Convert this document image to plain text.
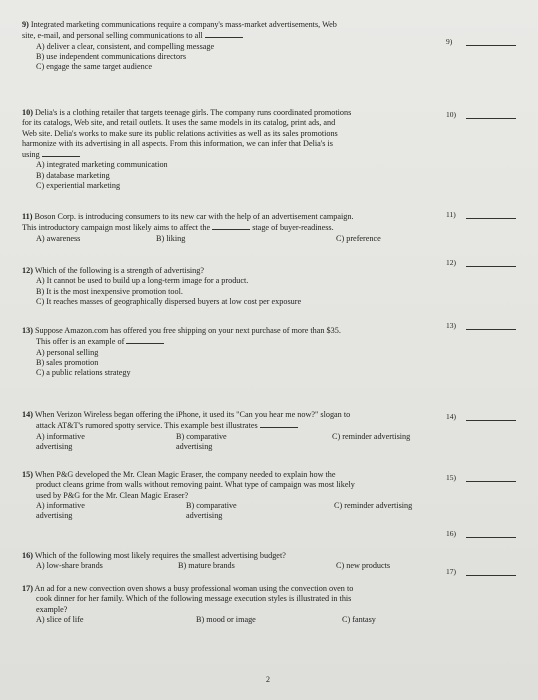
9) Integrated marketing communications require a company's mass-market advertisements, Web
site, e-mail, and personal selling communications to all

A) deliver a clear, consistent, and compelling message

B) use independent communications directors

C) engage the same target audience

9)

10) Delia's is a clothing retailer that targets teenage girls. The company runs coordinated promotions
for its catalogs, Web site, and retail outlets. It uses the same models in its catalog, print ads, and
Web site. Delia's works to make sure its public relations activities as well as its sales promotions
harmonize with its advertising in all aspects. From this information, we can infer that Delia's is
using

A) integrated marketing communication

B) database marketing

C) experiential marketing

10)

11) Boson Corp. is introducing consumers to its new car with the help of an advertisement campaign.
This introductory campaign most likely aims to affect the	stage of buyer-readiness.

A) awareness	B) liking	C) preference
11)

12) Which of the following is a strength of advertising?

A) It cannot be used to build up a long-term image for a product.

B) It is the most inexpensive promotion tool.

C) It reaches masses of geographically dispersed buyers at low cost per exposure

12)

13) Suppose Amazon.com has offered you free shipping on your next purchase of more than $35.
This offer is an example of

A) personal selling

B) sales promotion

C) a public relations strategy

13)

14) When Verizon Wireless began offering the iPhone, it used its "Can you hear me now?" slogan to
attack AT&T's rumored spotty service. This example best illustrates

A) informative advertising
B) comparative advertising
C) reminder advertising
14)

15) When P&G developed the Mr. Clean Magic Eraser, the company needed to explain how the
product cleans grime from walls without removing paint. What type of campaign was most likely
used by P&G for the Mr. Clean Magic Eraser?

A) informative advertising
B) comparative advertising
C) reminder advertising
15)

16) Which of the following most likely requires the smallest advertising budget?

A) low-share brands	B) mature brands	C) new products
16)

17) An ad for a new convection oven shows a busy professional woman using the convection oven to
cook dinner for her family. Which of the following message execution styles is illustrated in this
example?

A) slice of life	B) mood or image	C) fantasy
17)
2
